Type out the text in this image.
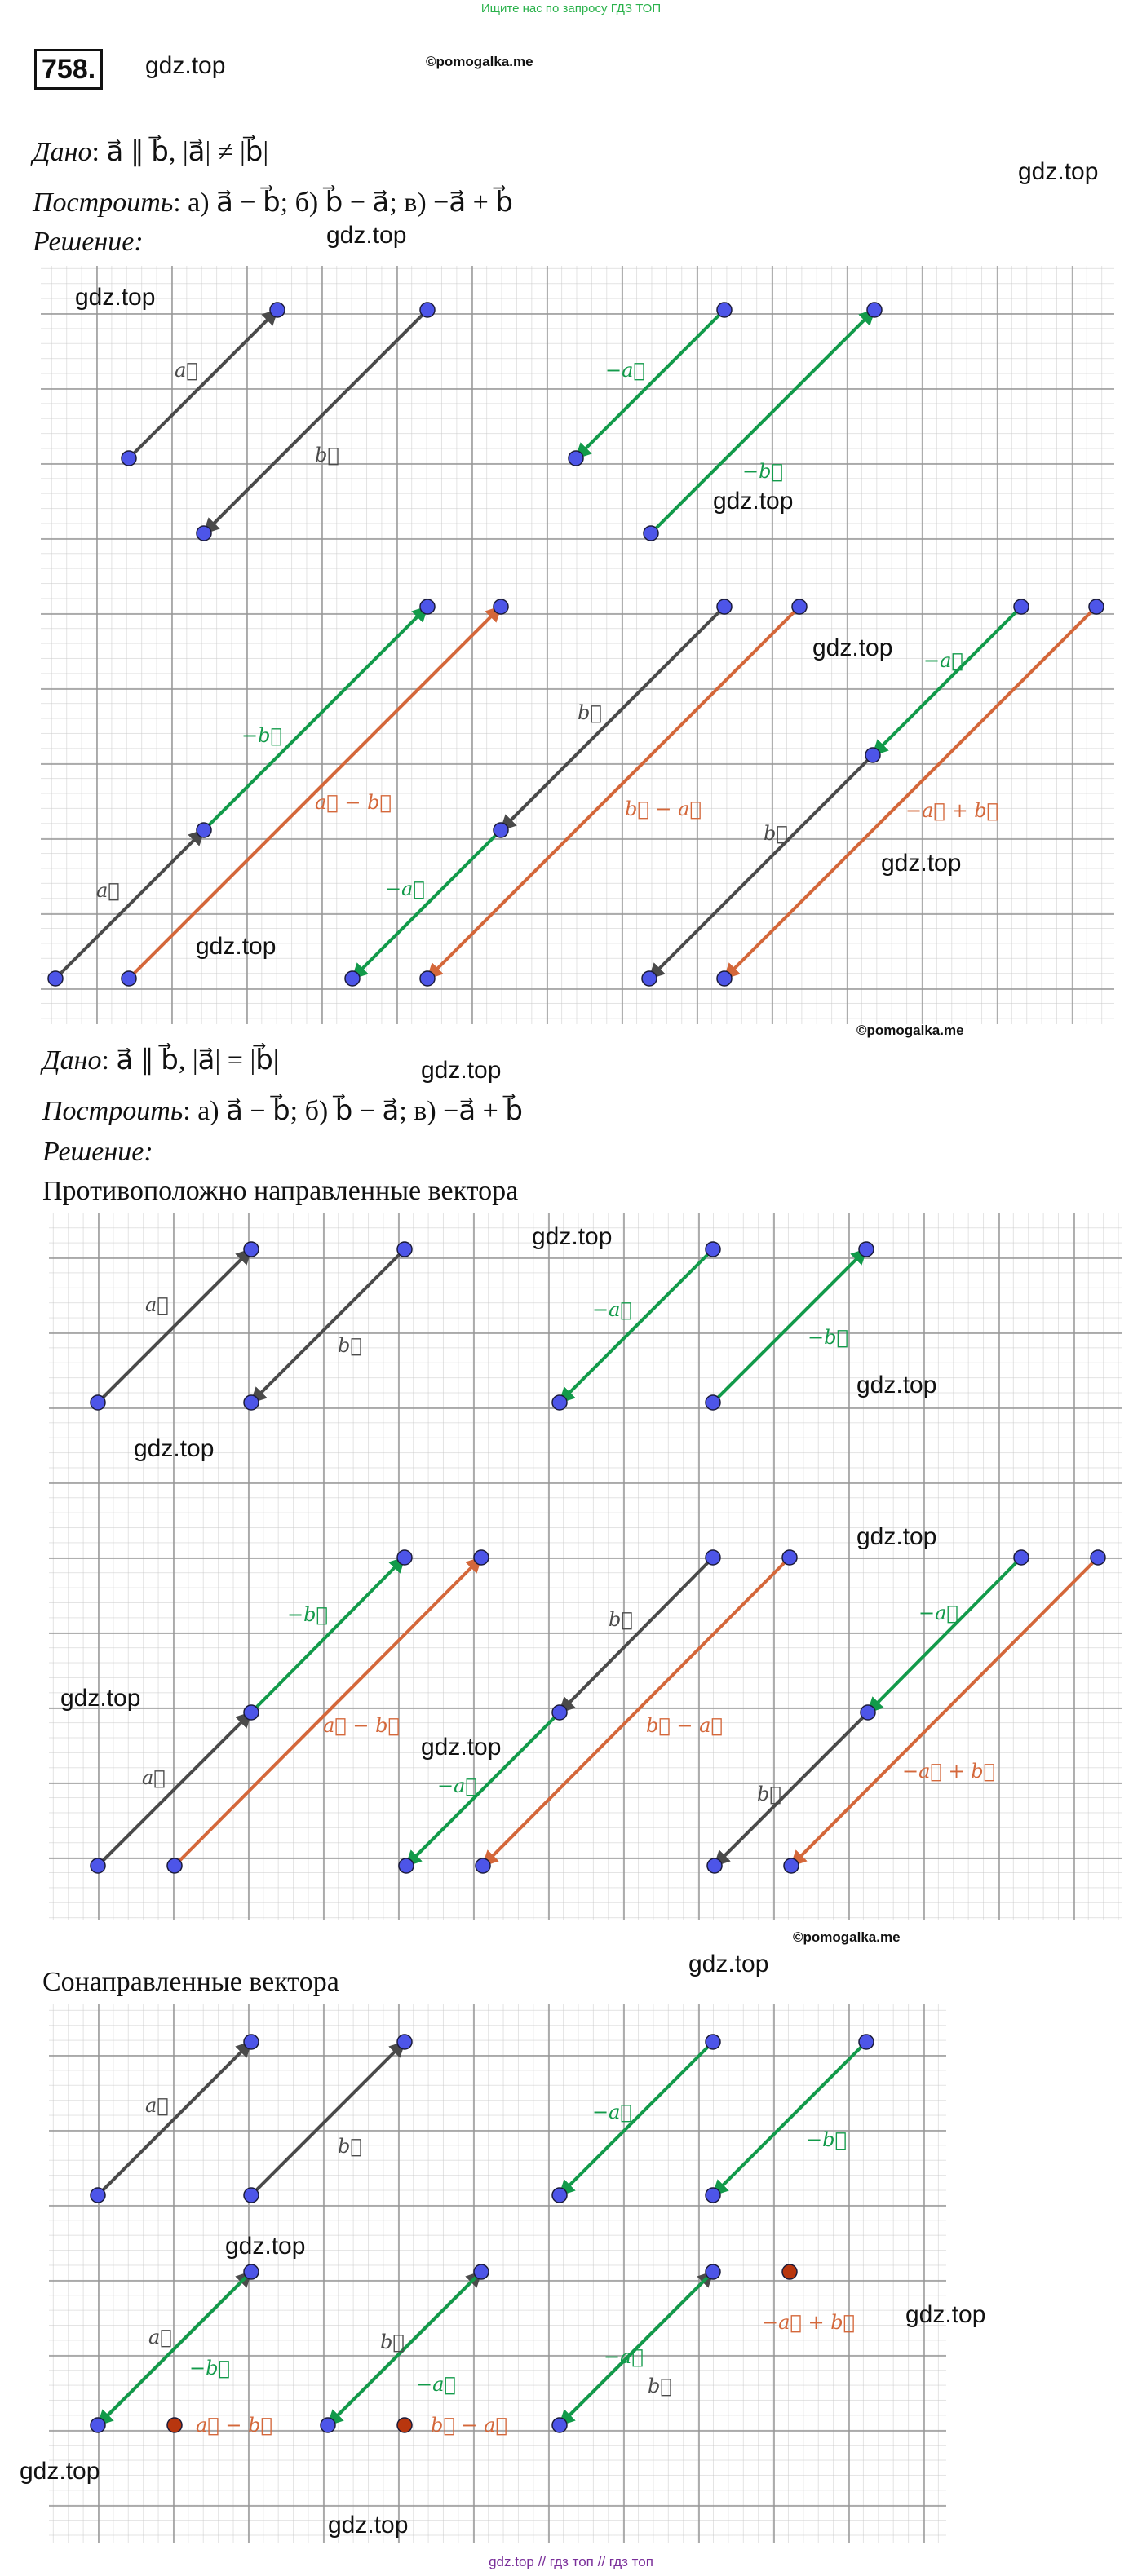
Ищите нас по запросу ГДЗ ТОП
758.	gdz.top	©pomogalka.me
gdz.top
Дано: a⃗ ∥ b⃗, |a⃗| ≠ |b⃗|
Построить: а) a⃗ − b⃗; б) b⃗ − a⃗; в) −a⃗ + b⃗
Решение:	gdz.top
Дано: a⃗ ∥ b⃗, |a⃗| = |b⃗|
Построить: а) a⃗ − b⃗; б) b⃗ − a⃗; в) −a⃗ + b⃗
Решение:
Противоположно направленные вектора
Сонаправленные вектора
a⃗
b⃗
−a⃗
−b⃗
a⃗
−b⃗
a⃗ − b⃗
b⃗
−a⃗
b⃗ − a⃗
−a⃗
b⃗
−a⃗ + b⃗
a⃗
b⃗
−a⃗
−b⃗
a⃗
−b⃗
a⃗ − b⃗
b⃗
−a⃗
b⃗ − a⃗
−a⃗
b⃗
−a⃗ + b⃗
a⃗
b⃗
−a⃗
−b⃗
a⃗
−b⃗
a⃗ − b⃗
b⃗
−a⃗
b⃗ − a⃗
−a⃗
b⃗
−a⃗ + b⃗
gdz.top
gdz.top
gdz.top
gdz.top
gdz.top
©pomogalka.me
gdz.top
gdz.top
gdz.top
gdz.top
gdz.top
gdz.top
gdz.top
©pomogalka.me
gdz.top
gdz.top
gdz.top
gdz.top
gdz.top
gdz.top // гдз топ // гдз топ
